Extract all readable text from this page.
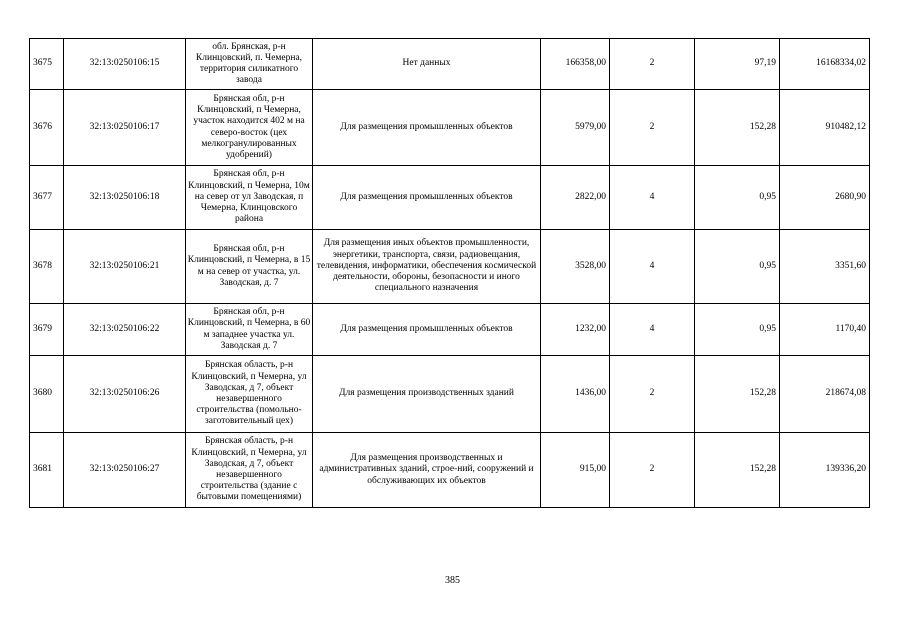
3675	32:13:0250106:15	обл. Брянская, р-н Клинцовский, п. Чемерна, территория силикатного завода	Нет данных	166358,00	2	97,19	16168334,02
3676	32:13:0250106:17	Брянская обл, р-н Клинцовский, п Чемерна, участок находится 402 м на северо-восток (цех мелкогранулированных удобрений)	Для размещения промышленных объектов	5979,00	2	152,28	910482,12
3677	32:13:0250106:18	Брянская обл, р-н Клинцовский, п Чемерна, 10м на север от ул Заводская, п Чемерна, Клинцовского района	Для размещения промышленных объектов	2822,00	4	0,95	2680,90
3678	32:13:0250106:21	Брянская обл, р-н Клинцовский, п Чемерна, в 15 м на север от участка, ул. Заводская, д. 7	Для размещения иных объектов промышленности, энергетики, транспорта, связи, радиовещания, телевидения, информатики, обеспечения космической деятельности, обороны, безопасности и иного специального назначения	3528,00	4	0,95	3351,60
3679	32:13:0250106:22	Брянская обл, р-н Клинцовский, п Чемерна, в 60 м западнее участка ул. Заводская д. 7	Для размещения промышленных объектов	1232,00	4	0,95	1170,40
3680	32:13:0250106:26	Брянская область, р-н Клинцовский, п Чемерна, ул Заводская, д 7, объект незавершенного строительства (помольно-заготовительный цех)	Для размещения производственных зданий	1436,00	2	152,28	218674,08
3681	32:13:0250106:27	Брянская область, р-н Клинцовский, п Чемерна, ул Заводская, д 7, объект незавершенного строительства (здание с бытовыми помещениями)	Для размещения производственных и административных зданий, строе-ний, сооружений и обслуживающих их объектов	915,00	2	152,28	139336,20
385
